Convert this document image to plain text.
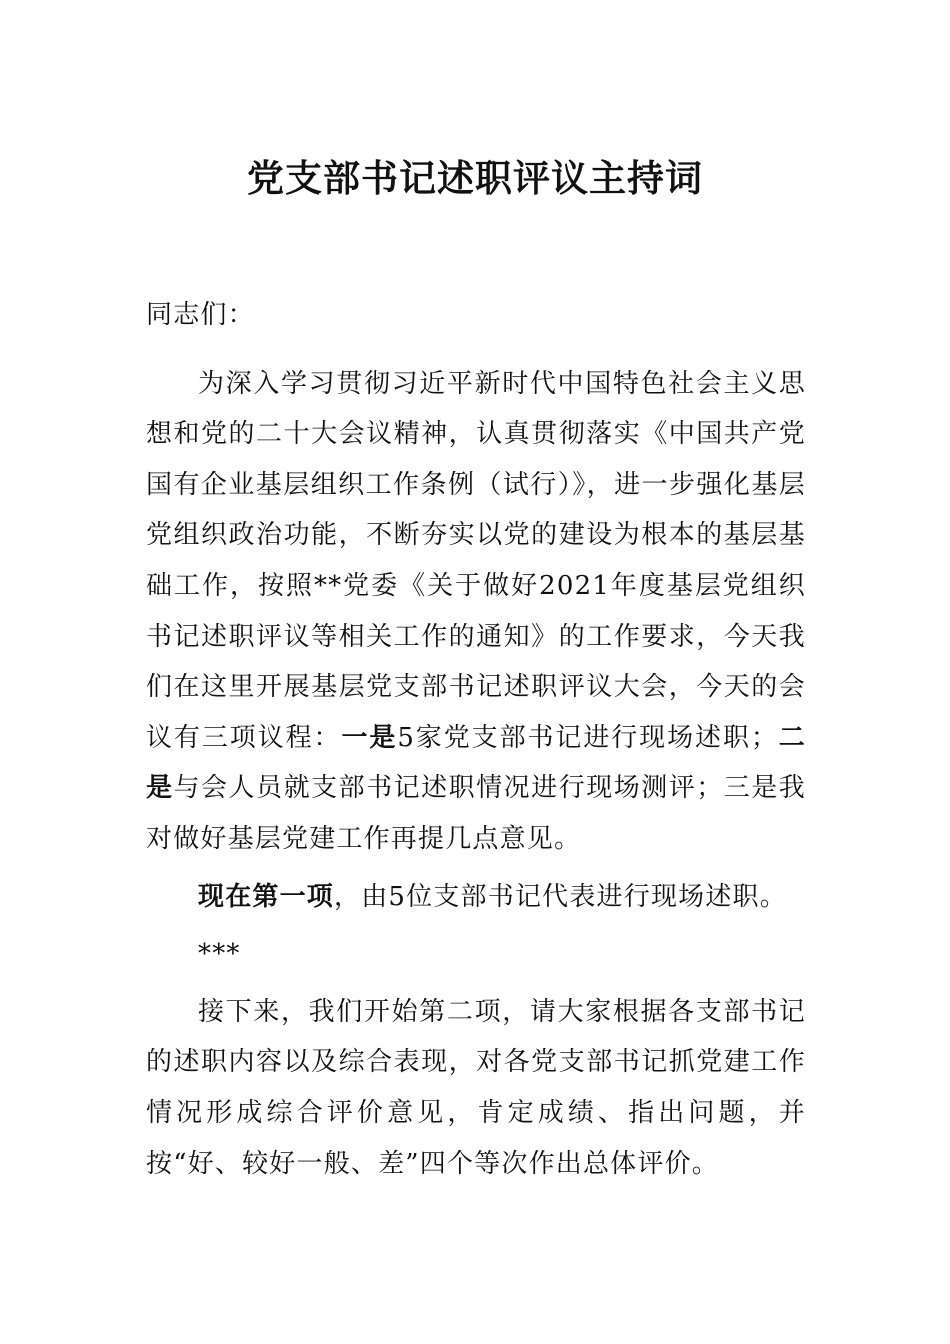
党支部书记述职评议主持词

同志们：

为深入学习贯彻习近平新时代中国特色社会主义思想和党的二十大会议精神，认真贯彻落实《中国共产党国有企业基层组织工作条例（试行）》，进一步强化基层党组织政治功能，不断夯实以党的建设为根本的基层基础工作，按照**党委《关于做好2021年度基层党组织书记述职评议等相关工作的通知》的工作要求，今天我们在这里开展基层党支部书记述职评议大会，今天的会议有三项议程：一是5家党支部书记进行现场述职；二是与会人员就支部书记述职情况进行现场测评；三是我对做好基层党建工作再提几点意见。

现在第一项，由5位支部书记代表进行现场述职。

***

接下来，我们开始第二项，请大家根据各支部书记的述职内容以及综合表现，对各党支部书记抓党建工作情况形成综合评价意见，肯定成绩、指出问题，并按“好、较好一般、差”四个等次作出总体评价。
